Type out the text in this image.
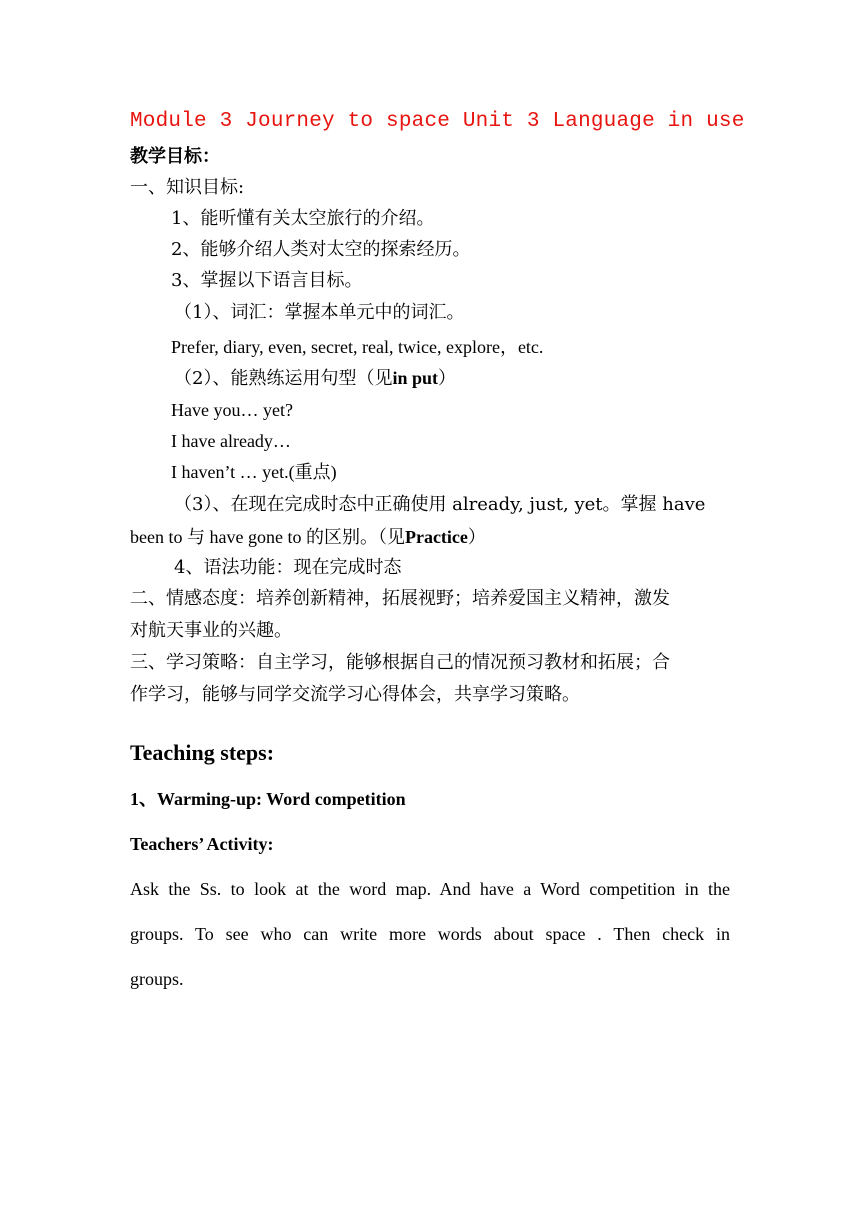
Module 3 Journey to space Unit 3 Language in use
教学目标：
一、知识目标:
1、能听懂有关太空旅行的介绍。
2、能够介绍人类对太空的探索经历。
3、掌握以下语言目标。
（1）、词汇：掌握本单元中的词汇。
Prefer, diary, even, secret, real, twice, explore，etc.
（2）、能熟练运用句型（见in put）
Have you… yet?
I have already…
I haven’t … yet.(重点)
（3）、在现在完成时态中正确使用 already, just, yet。掌握 have
been to 与 have gone to 的区别。（见Practice）
4、语法功能：现在完成时态
二、情感态度：培养创新精神，拓展视野；培养爱国主义精神，激发
对航天事业的兴趣。
三、学习策略：自主学习，能够根据自己的情况预习教材和拓展；合
作学习，能够与同学交流学习心得体会，共享学习策略。
Teaching steps:
1、Warming-up: Word competition
Teachers’ Activity:
Ask the Ss. to look at the word map. And have a Word competition in the
groups. To see who can write more words about space . Then check in
groups.
